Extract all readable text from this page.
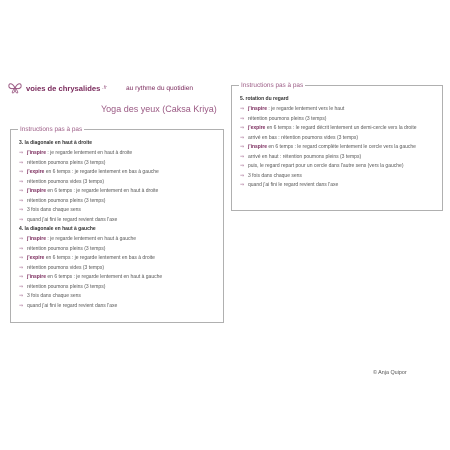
voies de chrysalides .fr	au rythme du quotidien
Yoga des yeux (Caksa Kriya)
Instructions pas à pas
3. la diagonale en haut à droite
⇒ j'inspire : je regarde lentement en haut à droite
⇒ rétention poumons pleins (3 temps)
⇒ j'expire en 6 temps : je regarde lentement en bas à gauche
⇒ rétention poumons vides (3 temps)
⇒ j'inspire en 6 temps : je regarde lentement en haut à droite
⇒ rétention poumons pleins (3 temps)
⇒ 3 fois dans chaque sens
⇒ quand j'ai fini le regard revient dans l'axe
4. la diagonale en haut à gauche
⇒ j'inspire : je regarde lentement en haut à gauche
⇒ rétention poumons pleins (3 temps)
⇒ j'expire en 6 temps : je regarde lentement en bas à droite
⇒ rétention poumons vides (3 temps)
⇒ j'inspire en 6 temps : je regarde lentement en haut à gauche
⇒ rétention poumons pleins (3 temps)
⇒ 3 fois dans chaque sens
⇒ quand j'ai fini le regard revient dans l'axe
Instructions pas à pas
5. rotation du regard
⇒ j'inspire : je regarde lentement vers le haut
⇒ rétention poumons pleins (3 temps)
⇒ j'expire en 6 temps : le regard décrit lentement un demi-cercle vers la droite
⇒ arrivé en bas : rétention poumons vides (3 temps)
⇒ j'inspire en 6 temps : le regard complète lentement le cercle vers la gauche
⇒ arrivé en haut : rétention poumons pleins (3 temps)
⇒ puis, le regard repart pour un cercle dans l'autre sens (vers la gauche)
⇒ 3 fois dans chaque sens
⇒ quand j'ai fini le regard revient dans l'axe
© Anja Quipor
